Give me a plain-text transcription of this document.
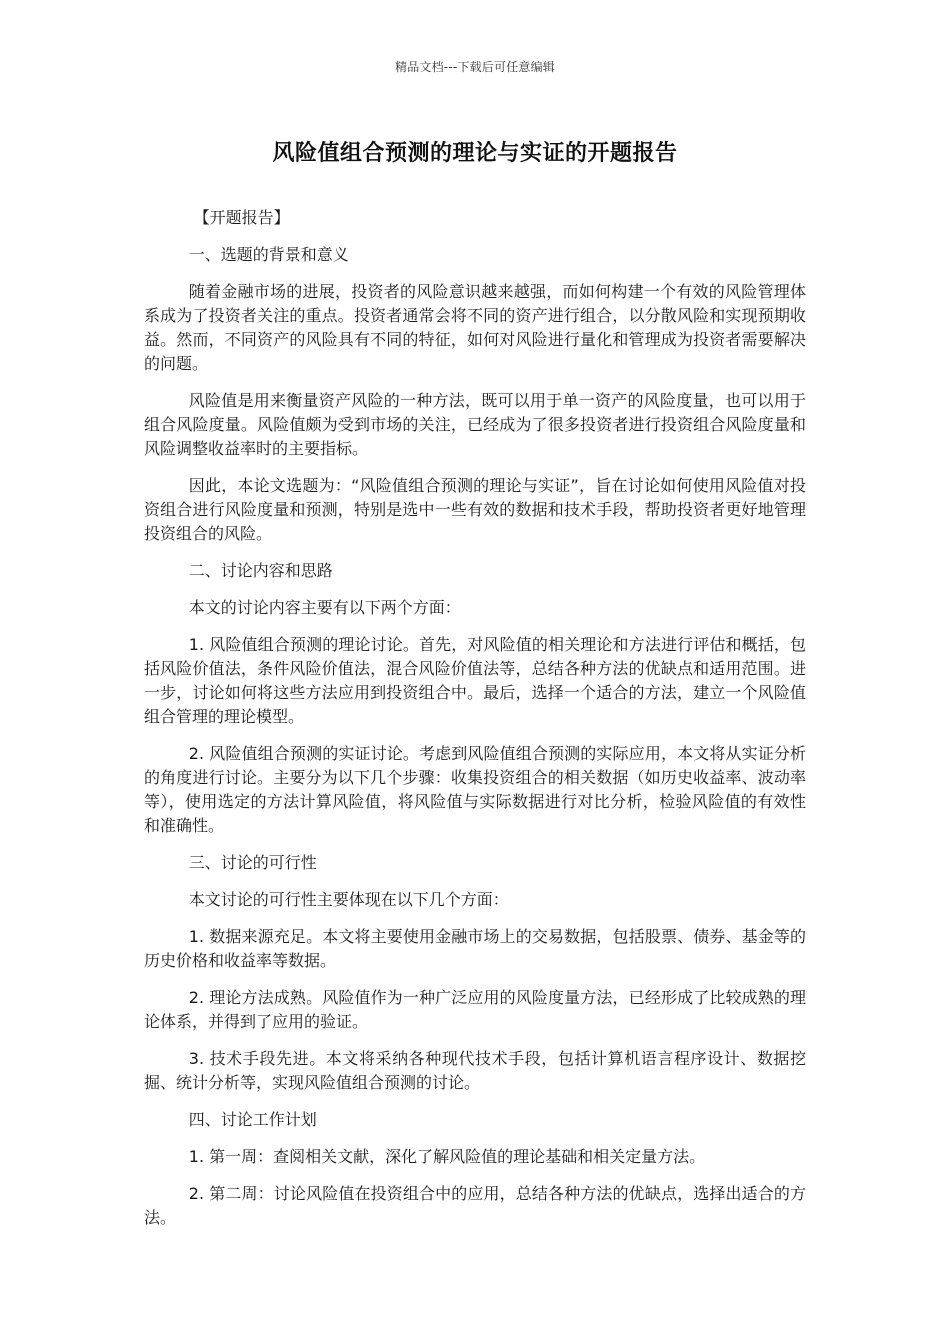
精品文档---下载后可任意编辑
风险值组合预测的理论与实证的开题报告

【开题报告】

一、选题的背景和意义

随着金融市场的进展，投资者的风险意识越来越强，而如何构建一个有效的风险管理体系成为了投资者关注的重点。投资者通常会将不同的资产进行组合，以分散风险和实现预期收益。然而，不同资产的风险具有不同的特征，如何对风险进行量化和管理成为投资者需要解决的问题。

风险值是用来衡量资产风险的一种方法，既可以用于单一资产的风险度量，也可以用于组合风险度量。风险值颇为受到市场的关注，已经成为了很多投资者进行投资组合风险度量和风险调整收益率时的主要指标。

因此，本论文选题为：“风险值组合预测的理论与实证”，旨在讨论如何使用风险值对投资组合进行风险度量和预测，特别是选中一些有效的数据和技术手段，帮助投资者更好地管理投资组合的风险。

二、讨论内容和思路

本文的讨论内容主要有以下两个方面：

1. 风险值组合预测的理论讨论。首先，对风险值的相关理论和方法进行评估和概括，包括风险价值法，条件风险价值法，混合风险价值法等，总结各种方法的优缺点和适用范围。进一步，讨论如何将这些方法应用到投资组合中。最后，选择一个适合的方法，建立一个风险值组合管理的理论模型。

2. 风险值组合预测的实证讨论。考虑到风险值组合预测的实际应用，本文将从实证分析的角度进行讨论。主要分为以下几个步骤：收集投资组合的相关数据（如历史收益率、波动率等），使用选定的方法计算风险值，将风险值与实际数据进行对比分析，检验风险值的有效性和准确性。

三、讨论的可行性

本文讨论的可行性主要体现在以下几个方面：

1. 数据来源充足。本文将主要使用金融市场上的交易数据，包括股票、债券、基金等的历史价格和收益率等数据。

2. 理论方法成熟。风险值作为一种广泛应用的风险度量方法，已经形成了比较成熟的理论体系，并得到了应用的验证。

3. 技术手段先进。本文将采纳各种现代技术手段，包括计算机语言程序设计、数据挖掘、统计分析等，实现风险值组合预测的讨论。

四、讨论工作计划

1. 第一周：查阅相关文献，深化了解风险值的理论基础和相关定量方法。

2. 第二周：讨论风险值在投资组合中的应用，总结各种方法的优缺点，选择出适合的方法。
